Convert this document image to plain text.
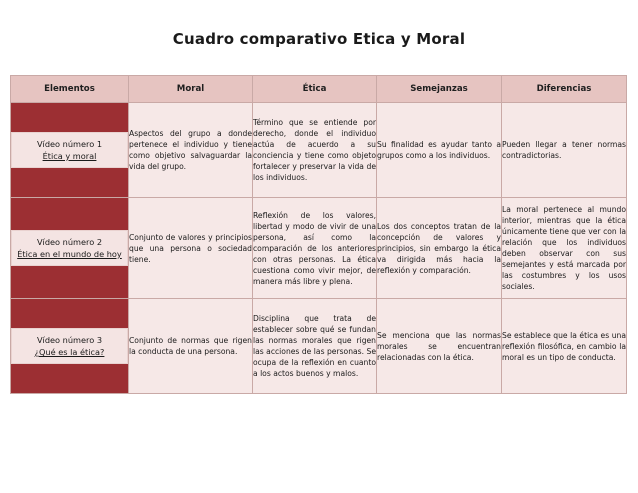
Cuadro comparativo Etica y Moral
Elementos	Moral	Ética	Semejanzas	Diferencias

Vídeo número 1
Ética y moral	Aspectos del grupo a donde pertenece el individuo y tiene como objetivo salvaguardar la vida del grupo.	Término que se entiende por derecho, donde el individuo actúa de acuerdo a su conciencia y tiene como objeto fortalecer y preservar la vida de los individuos.	Su finalidad es ayudar tanto a grupos como a los individuos.	Pueden llegar a tener normas contradictorias.

Vídeo número 2
Ética en el mundo de hoy	Conjunto de valores y principios que una persona o sociedad tiene.	Reflexión de los valores, libertad y modo de vivir de una persona, así como la comparación de los anteriores con otras personas. La ética cuestiona como vivir mejor, de manera más libre y plena.	Los dos conceptos tratan de la concepción de valores y principios, sin embargo la ética va dirigida más hacia la reflexión y comparación.	La moral pertenece al mundo interior, mientras que la ética únicamente tiene que ver con la relación que los individuos deben observar con sus semejantes y está marcada por las costumbres y los usos sociales.

Vídeo número 3
¿Qué es la ética?	Conjunto de normas que rigen la conducta de una persona.	Disciplina que trata de establecer sobre qué se fundan las normas morales que rigen las acciones de las personas. Se ocupa de la reflexión en cuanto a los actos buenos y malos.	Se menciona que las normas morales se encuentran relacionadas con la ética.	Se establece que la ética es una reflexión filosófica, en cambio la moral es un tipo de conducta.
